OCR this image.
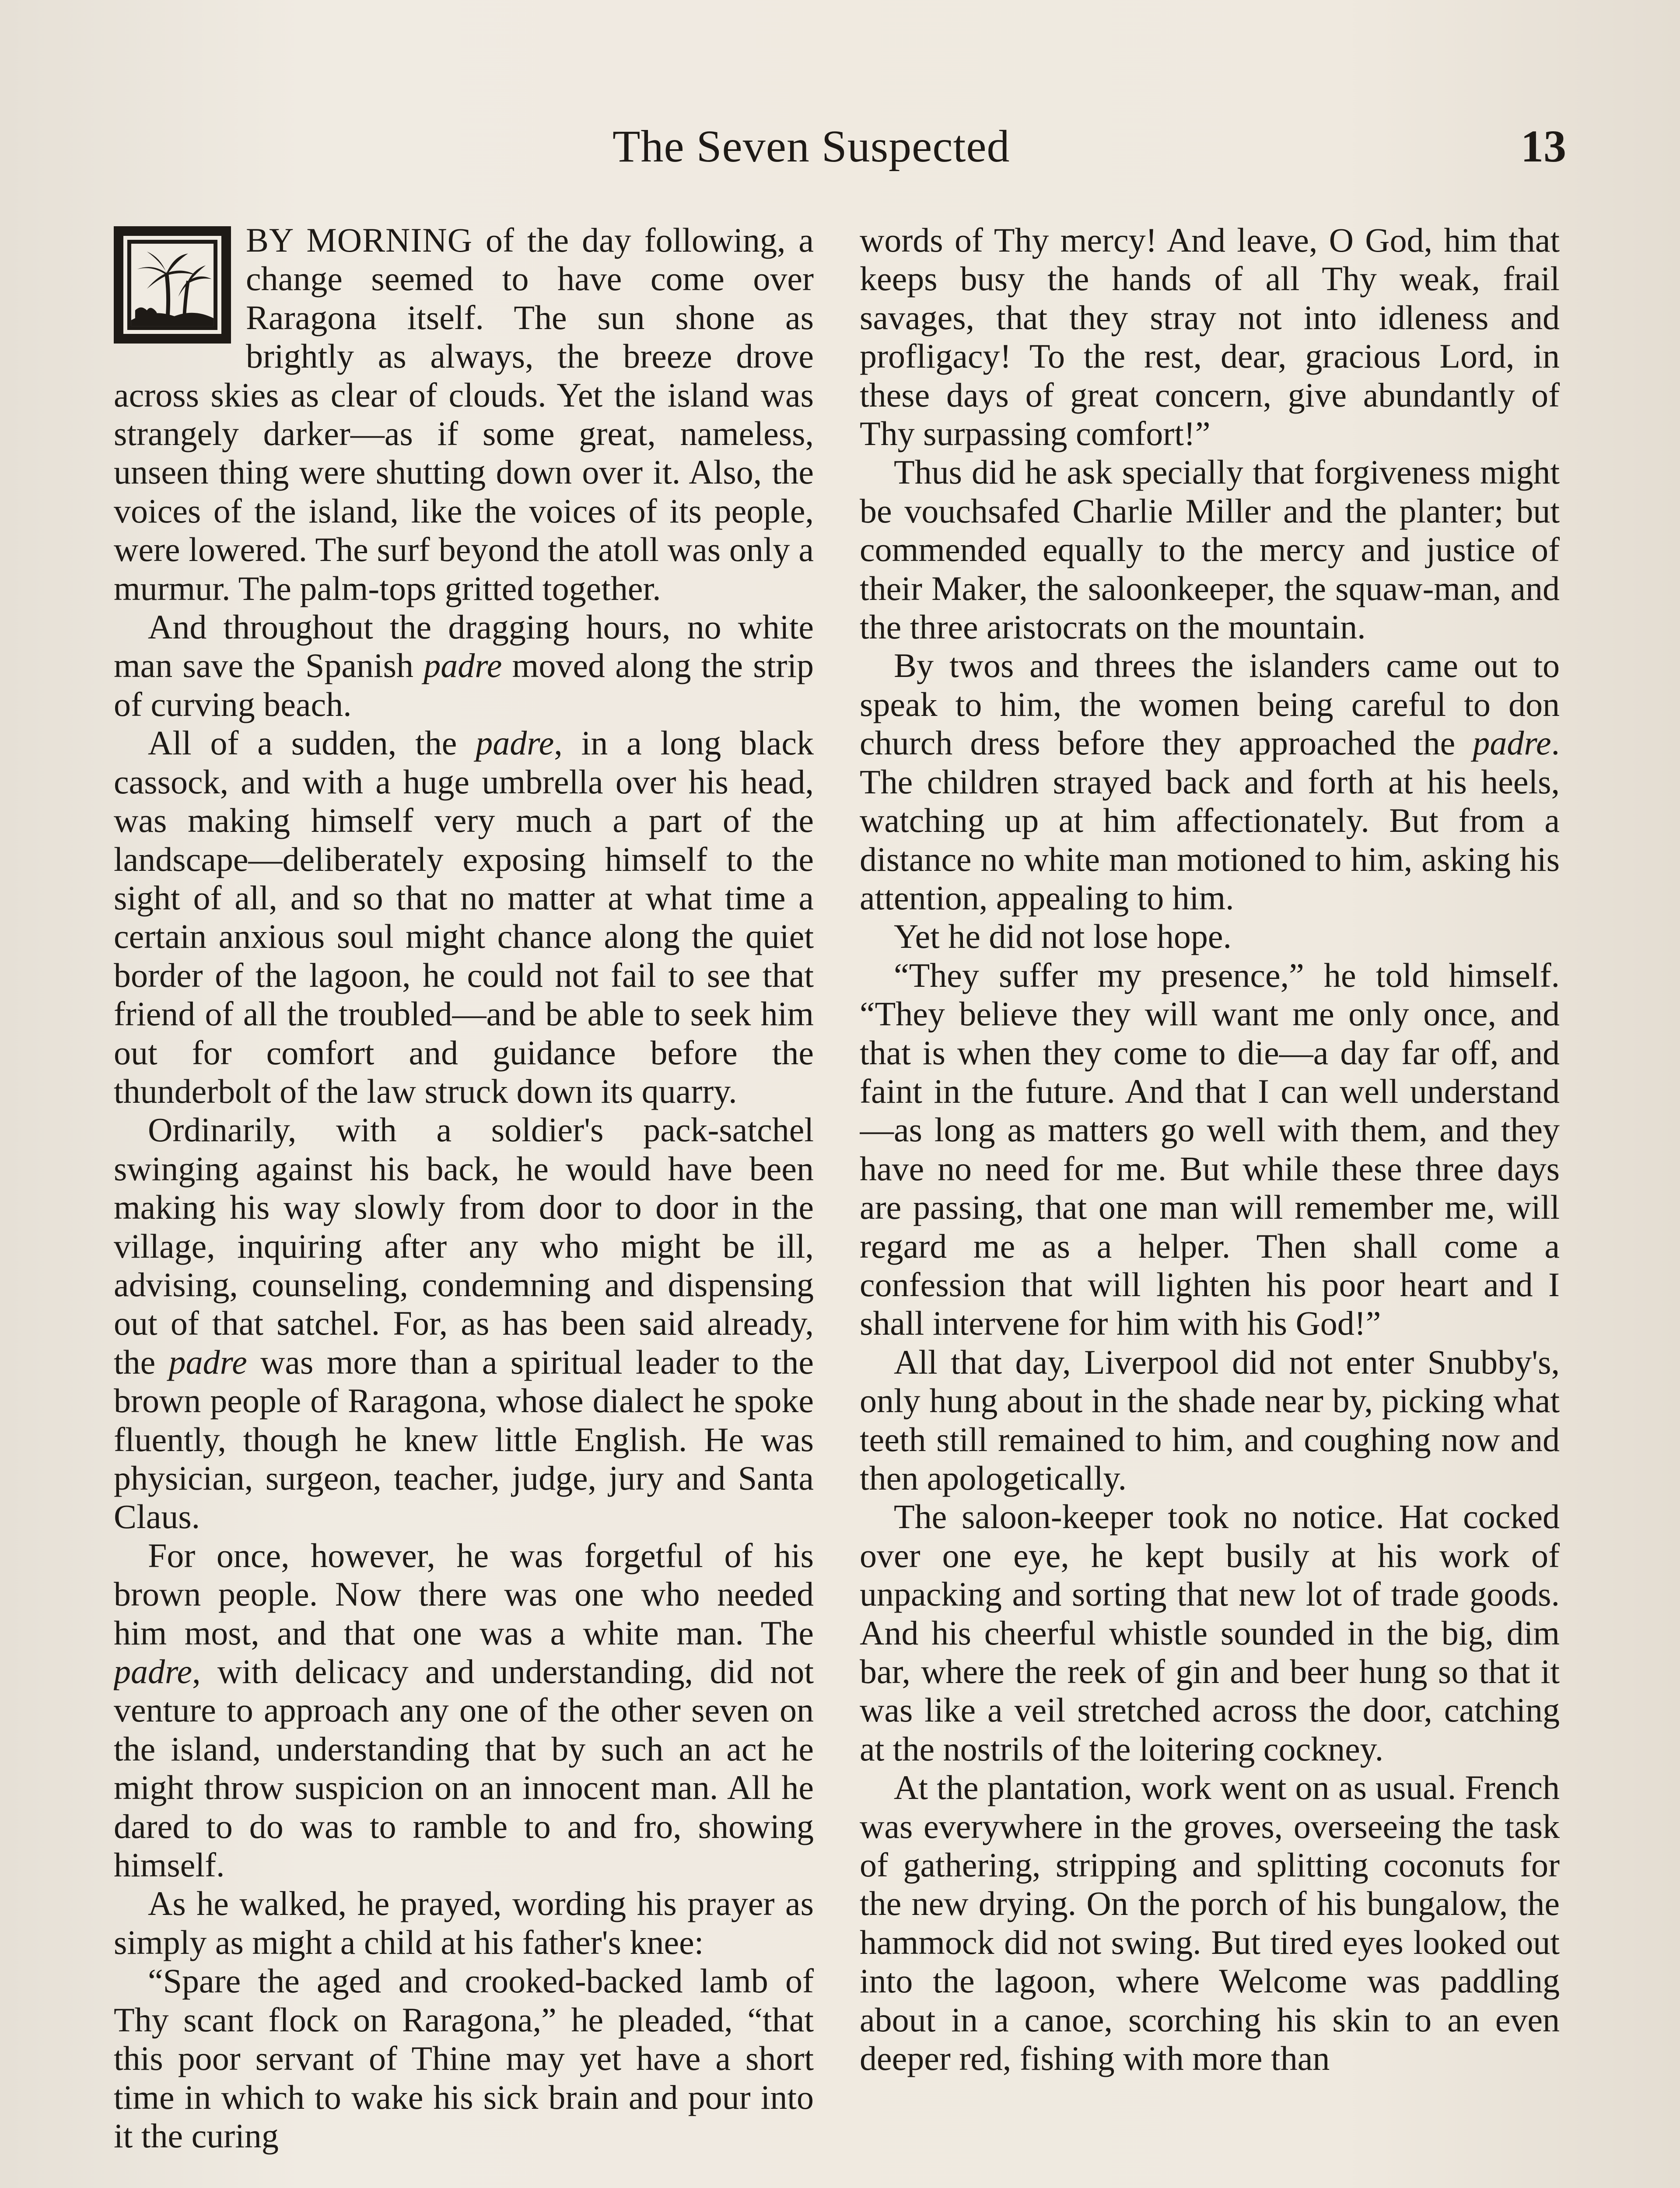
The Seven Suspected	13

BY MORNING of the day following, a change seemed to have come over Raragona itself. The sun shone as brightly as always, the breeze drove across skies as clear of clouds. Yet the island was strangely darker—as if some great, nameless, unseen thing were shutting down over it. Also, the voices of the island, like the voices of its people, were lowered. The surf beyond the atoll was only a murmur. The palm-tops gritted together.

And throughout the dragging hours, no white man save the Spanish padre moved along the strip of curving beach.

All of a sudden, the padre, in a long black cassock, and with a huge umbrella over his head, was making himself very much a part of the landscape—deliberately exposing himself to the sight of all, and so that no matter at what time a certain anxious soul might chance along the quiet border of the lagoon, he could not fail to see that friend of all the troubled—and be able to seek him out for comfort and guidance before the thunderbolt of the law struck down its quarry.

Ordinarily, with a soldier's pack-satchel swinging against his back, he would have been making his way slowly from door to door in the village, inquiring after any who might be ill, advising, counseling, condemning and dispensing out of that satchel. For, as has been said already, the padre was more than a spiritual leader to the brown people of Raragona, whose dialect he spoke fluently, though he knew little English. He was physician, surgeon, teacher, judge, jury and Santa Claus.

For once, however, he was forgetful of his brown people. Now there was one who needed him most, and that one was a white man. The padre, with delicacy and understanding, did not venture to approach any one of the other seven on the island, understanding that by such an act he might throw suspicion on an innocent man. All he dared to do was to ramble to and fro, showing himself.

As he walked, he prayed, wording his prayer as simply as might a child at his father's knee:

“Spare the aged and crooked-backed lamb of Thy scant flock on Raragona,” he pleaded, “that this poor servant of Thine may yet have a short time in which to wake his sick brain and pour into it the curing

words of Thy mercy! And leave, O God, him that keeps busy the hands of all Thy weak, frail savages, that they stray not into idleness and profligacy! To the rest, dear, gracious Lord, in these days of great concern, give abundantly of Thy surpassing comfort!”

Thus did he ask specially that forgiveness might be vouchsafed Charlie Miller and the planter; but commended equally to the mercy and justice of their Maker, the saloonkeeper, the squaw-man, and the three aristocrats on the mountain.

By twos and threes the islanders came out to speak to him, the women being careful to don church dress before they approached the padre. The children strayed back and forth at his heels, watching up at him affectionately. But from a distance no white man motioned to him, asking his attention, appealing to him.

Yet he did not lose hope.

“They suffer my presence,” he told himself. “They believe they will want me only once, and that is when they come to die—a day far off, and faint in the future. And that I can well understand—as long as matters go well with them, and they have no need for me. But while these three days are passing, that one man will remember me, will regard me as a helper. Then shall come a confession that will lighten his poor heart and I shall intervene for him with his God!”

All that day, Liverpool did not enter Snubby's, only hung about in the shade near by, picking what teeth still remained to him, and coughing now and then apologetically.

The saloon-keeper took no notice. Hat cocked over one eye, he kept busily at his work of unpacking and sorting that new lot of trade goods. And his cheerful whistle sounded in the big, dim bar, where the reek of gin and beer hung so that it was like a veil stretched across the door, catching at the nostrils of the loitering cockney.

At the plantation, work went on as usual. French was everywhere in the groves, overseeing the task of gathering, stripping and splitting coconuts for the new drying. On the porch of his bungalow, the hammock did not swing. But tired eyes looked out into the lagoon, where Welcome was paddling about in a canoe, scorching his skin to an even deeper red, fishing with more than
